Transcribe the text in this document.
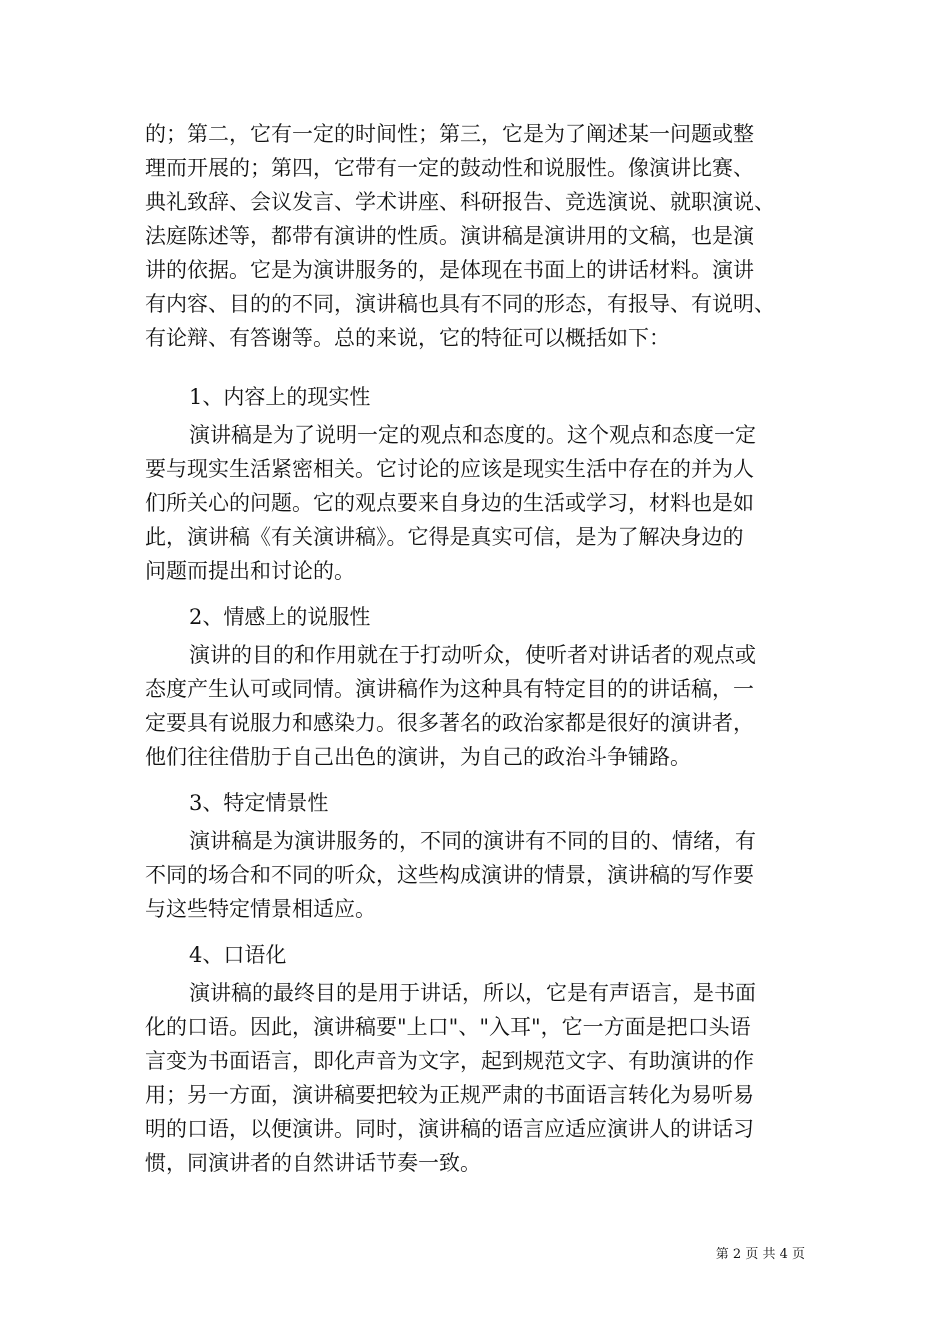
的；第二，它有一定的时间性；第三，它是为了阐述某一问题或整
理而开展的；第四，它带有一定的鼓动性和说服性。像演讲比赛、
典礼致辞、会议发言、学术讲座、科研报告、竞选演说、就职演说、
法庭陈述等，都带有演讲的性质。演讲稿是演讲用的文稿，也是演
讲的依据。它是为演讲服务的，是体现在书面上的讲话材料。演讲
有内容、目的的不同，演讲稿也具有不同的形态，有报导、有说明、
有论辩、有答谢等。总的来说，它的特征可以概括如下：
1、内容上的现实性
演讲稿是为了说明一定的观点和态度的。这个观点和态度一定
要与现实生活紧密相关。它讨论的应该是现实生活中存在的并为人
们所关心的问题。它的观点要来自身边的生活或学习，材料也是如
此，演讲稿《有关演讲稿》。它得是真实可信，是为了解决身边的
问题而提出和讨论的。
2、情感上的说服性
演讲的目的和作用就在于打动听众，使听者对讲话者的观点或
态度产生认可或同情。演讲稿作为这种具有特定目的的讲话稿，一
定要具有说服力和感染力。很多著名的政治家都是很好的演讲者，
他们往往借肋于自己出色的演讲，为自己的政治斗争铺路。
3、特定情景性
演讲稿是为演讲服务的，不同的演讲有不同的目的、情绪，有
不同的场合和不同的听众，这些构成演讲的情景，演讲稿的写作要
与这些特定情景相适应。
4、口语化
演讲稿的最终目的是用于讲话，所以，它是有声语言，是书面
化的口语。因此，演讲稿要"上口"、"入耳"，它一方面是把口头语
言变为书面语言，即化声音为文字，起到规范文字、有助演讲的作
用；另一方面，演讲稿要把较为正规严肃的书面语言转化为易听易
明的口语，以便演讲。同时，演讲稿的语言应适应演讲人的讲话习
惯，同演讲者的自然讲话节奏一致。
第 2 页 共 4 页
